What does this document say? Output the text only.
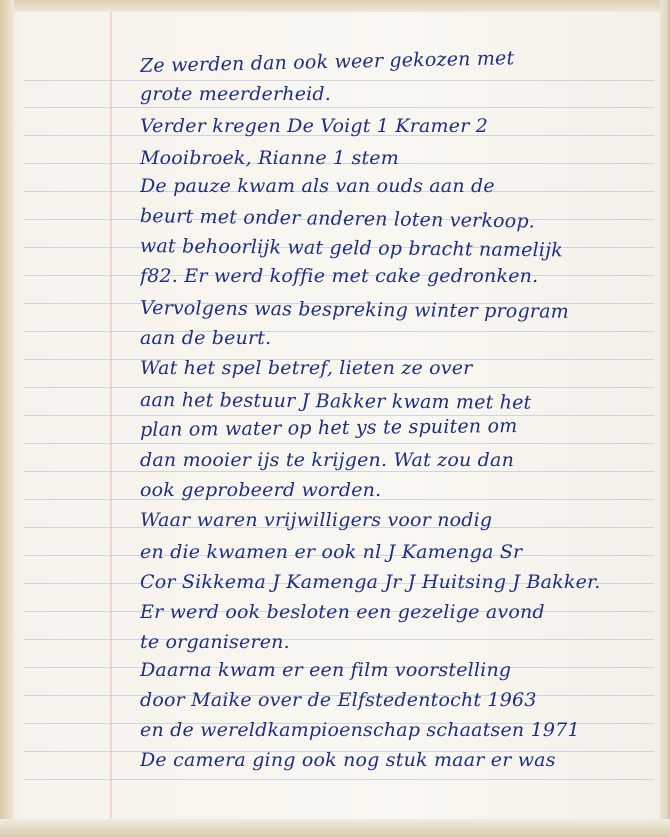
Ze werden dan ook weer gekozen met
grote meerderheid.
Verder kregen De Voigt 1 Kramer 2
Mooibroek, Rianne 1 stem
De pauze kwam als van ouds aan de
beurt met onder anderen loten verkoop.
wat behoorlijk wat geld op bracht namelijk
f82. Er werd koffie met cake gedronken.
Vervolgens was bespreking winter program
aan de beurt.
Wat het spel betref, lieten ze over
aan het bestuur J Bakker kwam met het
plan om water op het ys te spuiten om
dan mooier ijs te krijgen. Wat zou dan
ook geprobeerd worden.
Waar waren vrijwilligers voor nodig
en die kwamen er ook nl J Kamenga Sr
Cor Sikkema J Kamenga Jr J Huitsing J Bakker.
Er werd ook besloten een gezelige avond
te organiseren.
Daarna kwam er een film voorstelling
door Maike over de Elfstedentocht 1963
en de wereldkampioenschap schaatsen 1971
De camera ging ook nog stuk maar er was
